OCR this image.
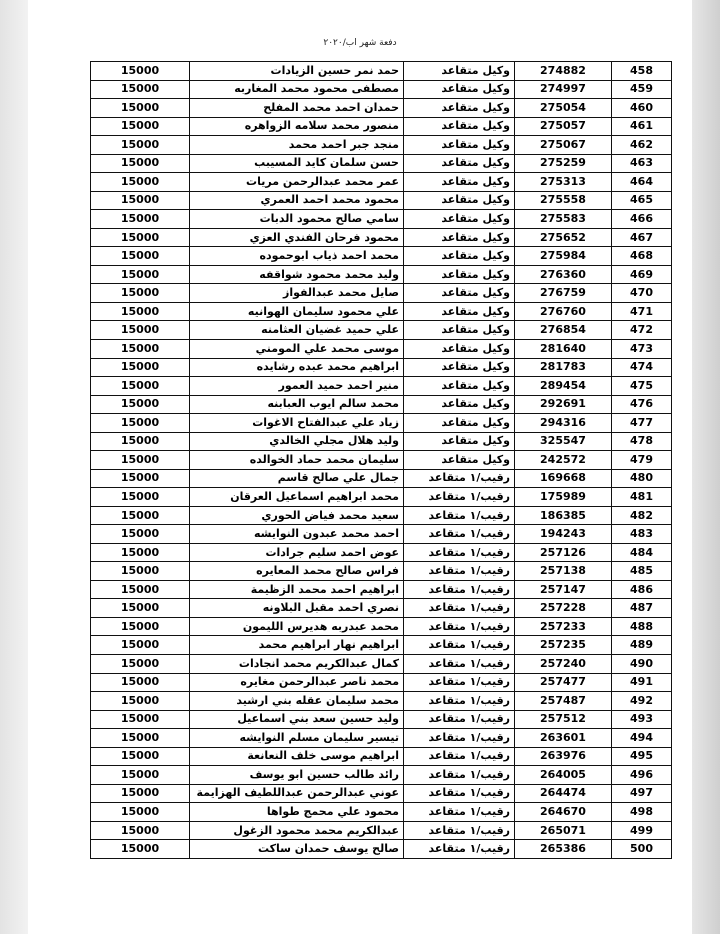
دفعة شهر اب/٢٠٢٠
15000	حمد نمر حسين الزيادات	وكيل متقاعد	274882	458
15000	مصطفى محمود محمد المغاربه	وكيل متقاعد	274997	459
15000	حمدان احمد محمد المفلح	وكيل متقاعد	275054	460
15000	منصور محمد سلامه الزواهره	وكيل متقاعد	275057	461
15000	منجد جبر احمد محمد	وكيل متقاعد	275067	462
15000	حسن سلمان كايد المسيبب	وكيل متقاعد	275259	463
15000	عمر محمد عبدالرحمن مريات	وكيل متقاعد	275313	464
15000	محمود محمد احمد العمري	وكيل متقاعد	275558	465
15000	سامي صالح محمود الدبات	وكيل متقاعد	275583	466
15000	محمود فرحان الفندي العزي	وكيل متقاعد	275652	467
15000	محمد احمد ذياب ابوحموده	وكيل متقاعد	275984	468
15000	وليد محمد محمود شواقفه	وكيل متقاعد	276360	469
15000	صايل محمد عبدالفواز	وكيل متقاعد	276759	470
15000	علي محمود سليمان الهوانيه	وكيل متقاعد	276760	471
15000	علي حميد غضيان العثامنه	وكيل متقاعد	276854	472
15000	موسى محمد علي المومني	وكيل متقاعد	281640	473
15000	ابراهيم محمد عبده رشايده	وكيل متقاعد	281783	474
15000	منير احمد حميد العمور	وكيل متقاعد	289454	475
15000	محمد سالم ايوب العبابنه	وكيل متقاعد	292691	476
15000	زياد علي عبدالفتاح الاغوات	وكيل متقاعد	294316	477
15000	وليد هلال مجلي الخالدي	وكيل متقاعد	325547	478
15000	سليمان محمد حماد الخوالده	وكيل متقاعد	242572	479
15000	جمال علي صالح قاسم	رقيب/١ متقاعد	169668	480
15000	محمد ابراهيم اسماعيل العرقان	رقيب/١ متقاعد	175989	481
15000	سعيد محمد فياض الحوري	رقيب/١ متقاعد	186385	482
15000	احمد محمد عبدون النوايشه	رقيب/١ متقاعد	194243	483
15000	عوض احمد سليم جرادات	رقيب/١ متقاعد	257126	484
15000	فراس صالح محمد المعايره	رقيب/١ متقاعد	257138	485
15000	ابراهيم احمد محمد الزظيمة	رقيب/١ متقاعد	257147	486
15000	نصري احمد مقبل البلاونه	رقيب/١ متقاعد	257228	487
15000	محمد عبدربه هديرس الليمون	رقيب/١ متقاعد	257233	488
15000	ابراهيم نهار ابراهيم محمد	رقيب/١ متقاعد	257235	489
15000	كمال عبدالكريم محمد انجادات	رقيب/١ متقاعد	257240	490
15000	محمد ناصر عبدالرحمن مغايره	رقيب/١ متقاعد	257477	491
15000	محمد سليمان عقله بني ارشيد	رقيب/١ متقاعد	257487	492
15000	وليد حسين سعد بني اسماعيل	رقيب/١ متقاعد	257512	493
15000	تيسير سليمان مسلم النوايشه	رقيب/١ متقاعد	263601	494
15000	ابراهيم موسى خلف النعانعة	رقيب/١ متقاعد	263976	495
15000	رائد طالب حسين ابو يوسف	رقيب/١ متقاعد	264005	496
15000	عوني عبدالرحمن عبداللطيف الهزايمة	رقيب/١ متقاعد	264474	497
15000	محمود علي محمج طواها	رقيب/١ متقاعد	264670	498
15000	عبدالكريم محمد محمود الزغول	رقيب/١ متقاعد	265071	499
15000	صالح يوسف حمدان ساكت	رقيب/١ متقاعد	265386	500
